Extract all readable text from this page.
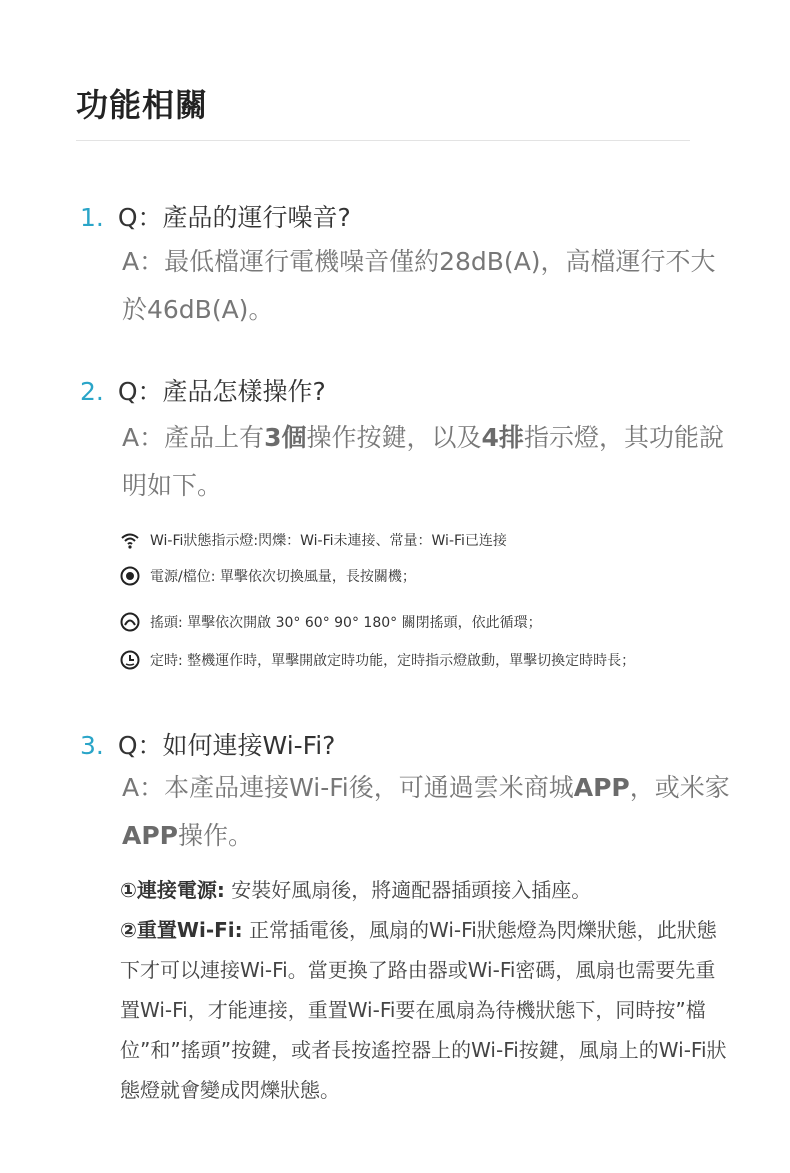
功能相關
1. Q：產品的運行噪音?
A：最低檔運行電機噪音僅約28dB(A)，高檔運行不大於46dB(A)。
2. Q：產品怎樣操作?
A：產品上有3個操作按鍵，以及4排指示燈，其功能說明如下。
Wi-Fi狀態指示燈:閃爍：Wi-Fi未連接、常量：Wi-Fi已连接
電源/檔位: 單擊依次切換風量，長按關機；
搖頭: 單擊依次開啟 30° 60° 90° 180° 關閉搖頭，依此循環；
定時: 整機運作時，單擊開啟定時功能，定時指示燈啟動，單擊切換定時時長；
3. Q：如何連接Wi-Fi?
A：本產品連接Wi-Fi後，可通過雲米商城APP，或米家APP操作。

①連接電源: 安裝好風扇後，將適配器插頭接入插座。

②重置Wi-Fi: 正常插電後，風扇的Wi-Fi狀態燈為閃爍狀態，此狀態下才可以連接Wi-Fi。當更換了路由器或Wi-Fi密碼，風扇也需要先重置Wi-Fi，才能連接，重置Wi-Fi要在風扇為待機狀態下，同時按”檔位”和”搖頭”按鍵，或者長按遙控器上的Wi-Fi按鍵，風扇上的Wi-Fi狀態燈就會變成閃爍狀態。
